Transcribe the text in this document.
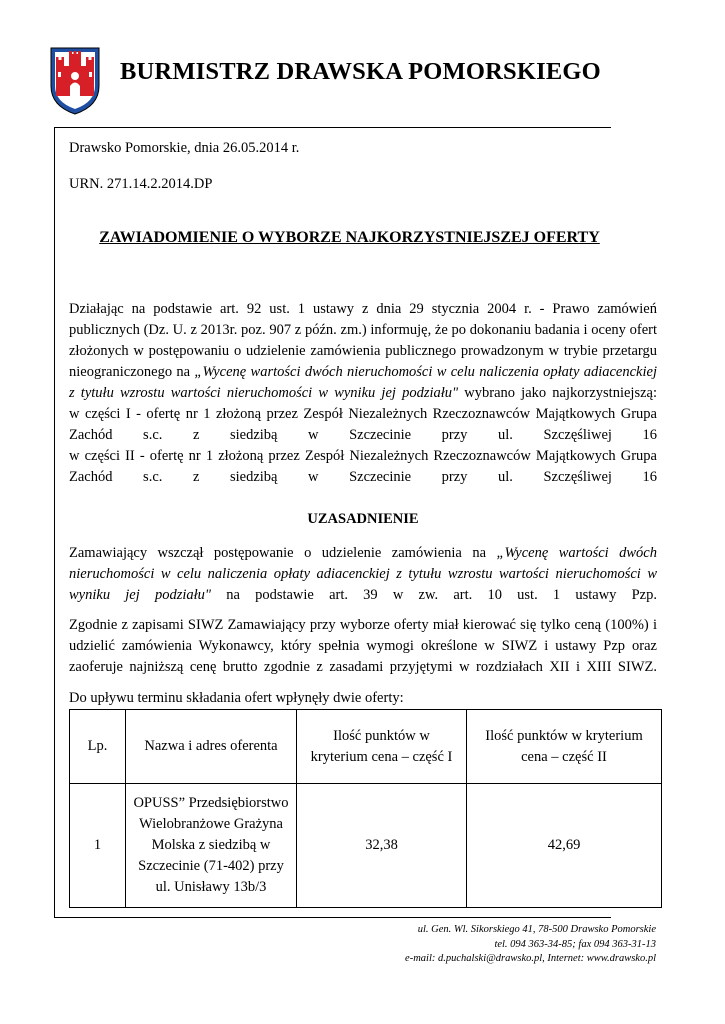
BURMISTRZ DRAWSKA POMORSKIEGO
Drawsko Pomorskie, dnia 26.05.2014 r.
URN. 271.14.2.2014.DP
ZAWIADOMIENIE O WYBORZE NAJKORZYSTNIEJSZEJ OFERTY

Działając na podstawie art. 92 ust. 1 ustawy z dnia 29 stycznia 2004 r. - Prawo zamówień publicznych (Dz. U. z 2013r. poz. 907 z późn. zm.) informuję, że po dokonaniu badania i oceny ofert złożonych w postępowaniu o udzielenie zamówienia publicznego prowadzonym w trybie przetargu nieograniczonego na „Wycenę wartości dwóch nieruchomości w celu naliczenia opłaty adiacenckiej z tytułu wzrostu wartości nieruchomości w wyniku jej podziału" wybrano jako najkorzystniejszą:

w części I - ofertę nr 1 złożoną przez Zespół Niezależnych Rzeczoznawców Majątkowych Grupa Zachód s.c. z siedzibą w Szczecinie przy ul. Szczęśliwej 16

w części II - ofertę nr 1 złożoną przez Zespół Niezależnych Rzeczoznawców Majątkowych Grupa Zachód s.c. z siedzibą w Szczecinie przy ul. Szczęśliwej 16

UZASADNIENIE

Zamawiający wszczął postępowanie o udzielenie zamówienia na „Wycenę wartości dwóch nieruchomości w celu naliczenia opłaty adiacenckiej z tytułu wzrostu wartości nieruchomości w wyniku jej podziału" na podstawie art. 39 w zw. art. 10 ust. 1 ustawy Pzp.

Zgodnie z zapisami SIWZ Zamawiający przy wyborze oferty miał kierować się tylko ceną (100%) i udzielić zamówienia Wykonawcy, który spełnia wymogi określone w SIWZ i ustawy Pzp oraz zaoferuje najniższą cenę brutto zgodnie z zasadami przyjętymi w rozdziałach XII i XIII SIWZ.

Do upływu terminu składania ofert wpłynęły dwie oferty:

Lp.	Nazwa i adres oferenta	Ilość punktów w kryterium cena – część I	Ilość punktów w kryterium cena – część II
1	OPUSS” Przedsiębiorstwo Wielobranżowe Grażyna Molska z siedzibą w Szczecinie (71-402) przy ul. Unisławy 13b/3	32,38	42,69
ul. Gen. Wl. Sikorskiego 41, 78-500 Drawsko Pomorskie
tel. 094 363-34-85; fax 094 363-31-13
e-mail: d.puchalski@drawsko.pl, Internet: www.drawsko.pl
